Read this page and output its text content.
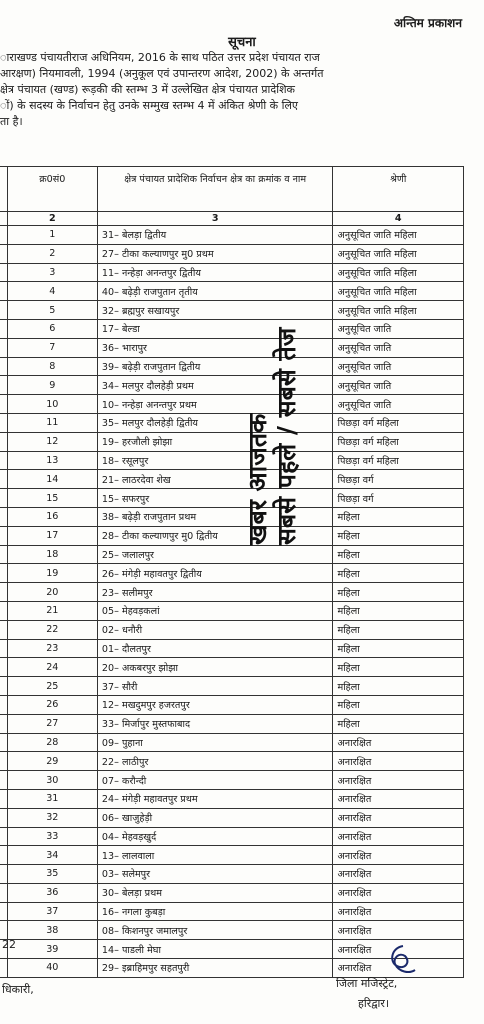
अन्तिम प्रकाशन
सूचना
ाराखण्ड पंचायतीराज अधिनियम, 2016 के साथ पठित उत्तर प्रदेश पंचायत राज
आरक्षण) नियमावली, 1994 (अनुकूल एवं उपान्तरण आदेश, 2002) के अन्तर्गत
क्षेत्र पंचायत (खण्ड) रूड़की की स्तम्भ 3 में उल्लेखित क्षेत्र पंचायत प्रादेशिक
ों) के सदस्य के निर्वाचन हेतु उनके सम्मुख स्तम्भ 4 में अंकित श्रेणी के लिए
ता है।
	क्र0सं0	क्षेत्र पंचायत प्रादेशिक निर्वाचन क्षेत्र का क्रमांक व नाम	श्रेणी
	2	3	4
	1	31– बेलड़ा द्वितीय	अनुसूचित जाति महिला
	2	27– टीका कल्याणपुर मु0 प्रथम	अनुसूचित जाति महिला
	3	11– नन्हेड़ा अनन्तपुर द्वितीय	अनुसूचित जाति महिला
	4	40– बढ़ेड़ी राजपुतान तृतीय	अनुसूचित जाति महिला
	5	32– ब्रह्मपुर सखायपुर	अनुसूचित जाति महिला
	6	17– बेल्डा	अनुसूचित जाति
	7	36– भारापुर	अनुसूचित जाति
	8	39– बढ़ेड़ी राजपुतान द्वितीय	अनुसूचित जाति
	9	34– मलपुर दौलहेड़ी प्रथम	अनुसूचित जाति
	10	10– नन्हेड़ा अनन्तपुर प्रथम	अनुसूचित जाति
	11	35– मलपुर दौलहेड़ी द्वितीय	पिछड़ा वर्ग महिला
	12	19– हरजौली झोझा	पिछड़ा वर्ग महिला
	13	18– रसूलपुर	पिछड़ा वर्ग महिला
	14	21– लाठरदेवा शेख	पिछड़ा वर्ग
	15	15– सफरपुर	पिछड़ा वर्ग
	16	38– बढ़ेड़ी राजपुतान प्रथम	महिला
	17	28– टीका कल्याणपुर मु0 द्वितीय	महिला
	18	25– जलालपुर	महिला
	19	26– मंगेड़ी महावतपुर द्वितीय	महिला
	20	23– सलीमपुर	महिला
	21	05– मेहवड़कलां	महिला
	22	02– धनौरी	महिला
	23	01– दौलतपुर	महिला
	24	20– अकबरपुर झोझा	महिला
	25	37– सौरी	महिला
	26	12– मखदुमपुर हजरतपुर	महिला
	27	33– मिर्जापुर मुस्तफाबाद	महिला
	28	09– पुहाना	अनारक्षित
	29	22– लाठीपुर	अनारक्षित
	30	07– करौन्दी	अनारक्षित
	31	24– मंगेड़ी महावतपुर प्रथम	अनारक्षित
	32	06– खाजुहेड़ी	अनारक्षित
	33	04– मेहवड़खुर्द	अनारक्षित
	34	13– लालवाला	अनारक्षित
	35	03– सलेमपुर	अनारक्षित
	36	30– बेलड़ा प्रथम	अनारक्षित
	37	16– नगला कुबड़ा	अनारक्षित
	38	08– किशनपुर जमालपुर	अनारक्षित
	39	14– पाडली मेघा	अनारक्षित
	40	29– इब्राहिमपुर सहतपुरी	अनारक्षित
खबर आजतक सबसे पहले / सबसे तेज
22
धिकारी,	जिला मजिस्ट्रेट,
हरिद्वार।
